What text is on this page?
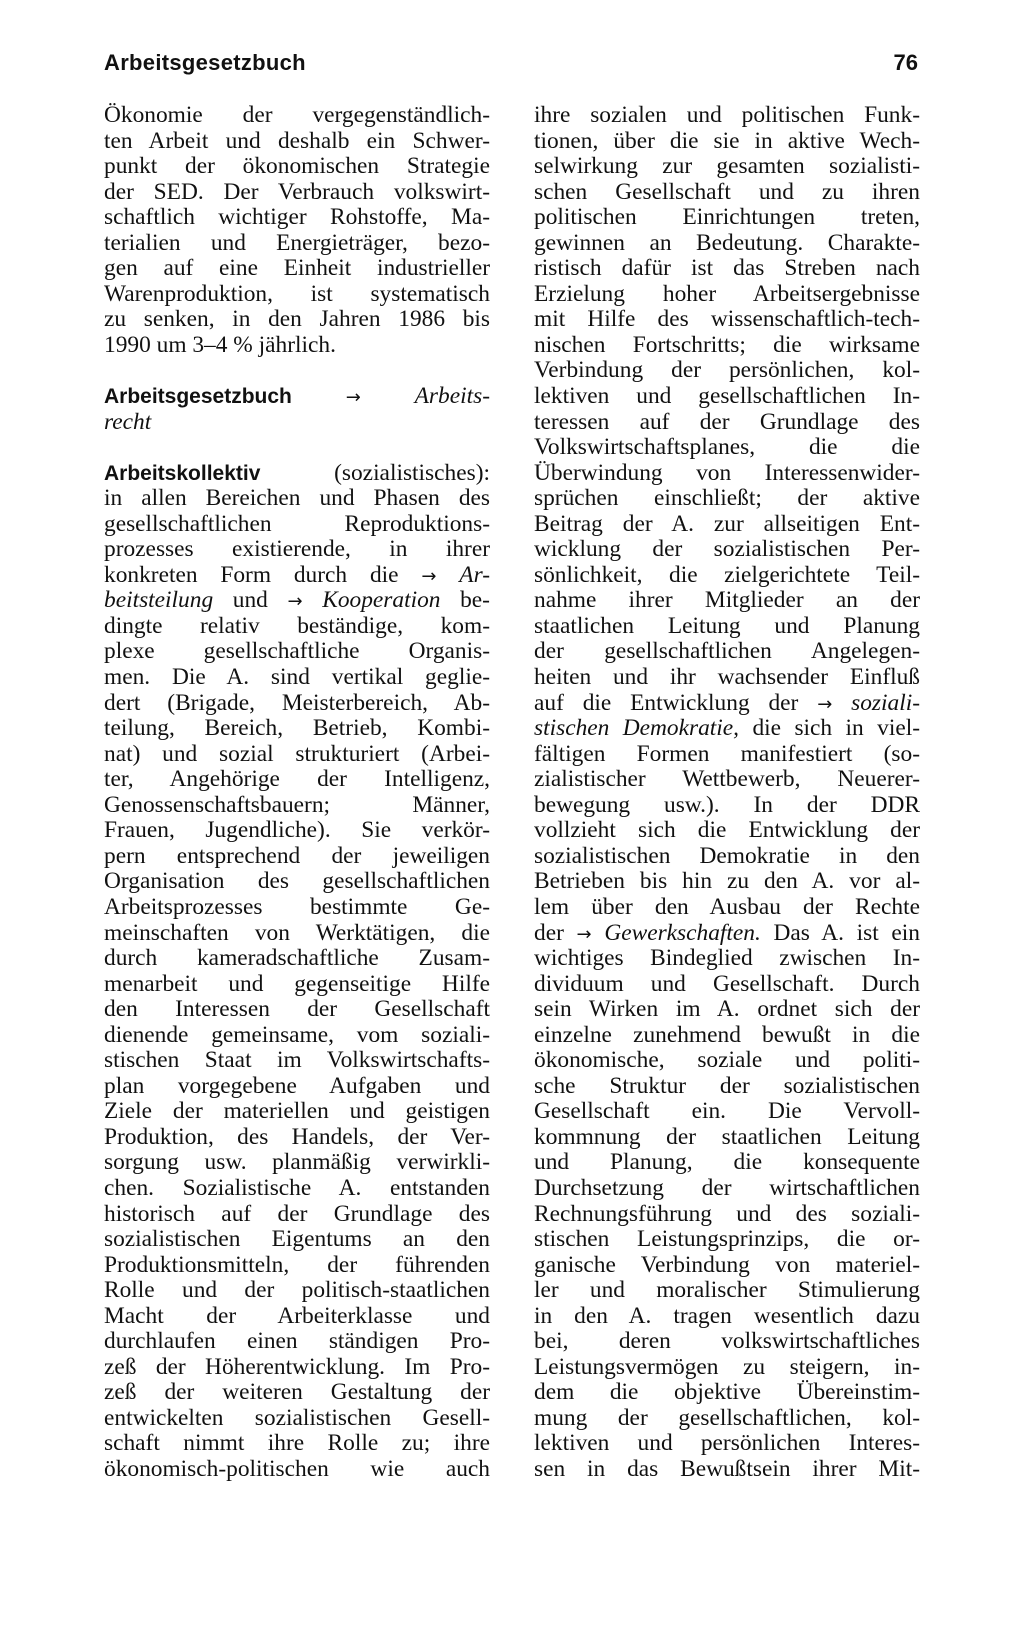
Arbeitsgesetzbuch	76
Ökonomie der vergegenständlich-
ten Arbeit und deshalb ein Schwer-
punkt der ökonomischen Strategie
der SED. Der Verbrauch volkswirt-
schaftlich wichtiger Rohstoffe, Ma-
terialien und Energieträger, bezo-
gen auf eine Einheit industrieller
Warenproduktion, ist systematisch
zu senken, in den Jahren 1986 bis
1990 um 3–4 % jährlich.
Arbeitsgesetzbuch	→ Arbeits-
recht
Arbeitskollektiv	(sozialistisches):
in allen Bereichen und Phasen des
gesellschaftlichen Reproduktions-
prozesses existierende, in ihrer
konkreten Form durch die → Ar-
beitsteilung und → Kooperation be-
dingte relativ beständige, kom-
plexe gesellschaftliche Organis-
men. Die A. sind vertikal geglie-
dert (Brigade, Meisterbereich, Ab-
teilung, Bereich, Betrieb, Kombi-
nat) und sozial strukturiert (Arbei-
ter, Angehörige der Intelligenz,
Genossenschaftsbauern; Männer,
Frauen, Jugendliche). Sie verkör-
pern entsprechend der jeweiligen
Organisation des gesellschaftlichen
Arbeitsprozesses bestimmte Ge-
meinschaften von Werktätigen, die
durch kameradschaftliche Zusam-
menarbeit und gegenseitige Hilfe
den Interessen der Gesellschaft
dienende gemeinsame, vom soziali-
stischen Staat im Volkswirtschafts-
plan vorgegebene Aufgaben und
Ziele der materiellen und geistigen
Produktion, des Handels, der Ver-
sorgung usw. planmäßig verwirkli-
chen. Sozialistische A. entstanden
historisch auf der Grundlage des
sozialistischen Eigentums an den
Produktionsmitteln, der führenden
Rolle und der politisch-staatlichen
Macht der Arbeiterklasse und
durchlaufen einen ständigen Pro-
zeß der Höherentwicklung. Im Pro-
zeß der weiteren Gestaltung der
entwickelten sozialistischen Gesell-
schaft nimmt ihre Rolle zu; ihre
ökonomisch-politischen wie auch
ihre sozialen und politischen Funk-
tionen, über die sie in aktive Wech-
selwirkung zur gesamten sozialisti-
schen Gesellschaft und zu ihren
politischen Einrichtungen treten,
gewinnen an Bedeutung. Charakte-
ristisch dafür ist das Streben nach
Erzielung hoher Arbeitsergebnisse
mit Hilfe des wissenschaftlich-tech-
nischen Fortschritts; die wirksame
Verbindung der persönlichen, kol-
lektiven und gesellschaftlichen In-
teressen auf der Grundlage des
Volkswirtschaftsplanes, die die
Überwindung von Interessenwider-
sprüchen einschließt; der aktive
Beitrag der A. zur allseitigen Ent-
wicklung der sozialistischen Per-
sönlichkeit, die zielgerichtete Teil-
nahme ihrer Mitglieder an der
staatlichen Leitung und Planung
der gesellschaftlichen Angelegen-
heiten und ihr wachsender Einfluß
auf die Entwicklung der → soziali-
stischen Demokratie, die sich in viel-
fältigen Formen manifestiert (so-
zialistischer Wettbewerb, Neuerer-
bewegung usw.). In der DDR
vollzieht sich die Entwicklung der
sozialistischen Demokratie in den
Betrieben bis hin zu den A. vor al-
lem über den Ausbau der Rechte
der → Gewerkschaften. Das A. ist ein
wichtiges Bindeglied zwischen In-
dividuum und Gesellschaft. Durch
sein Wirken im A. ordnet sich der
einzelne zunehmend bewußt in die
ökonomische, soziale und politi-
sche Struktur der sozialistischen
Gesellschaft ein. Die Vervoll-
kommnung der staatlichen Leitung
und Planung, die konsequente
Durchsetzung der wirtschaftlichen
Rechnungsführung und des soziali-
stischen Leistungsprinzips, die or-
ganische Verbindung von materiel-
ler und moralischer Stimulierung
in den A. tragen wesentlich dazu
bei, deren volkswirtschaftliches
Leistungsvermögen zu steigern, in-
dem die objektive Übereinstim-
mung der gesellschaftlichen, kol-
lektiven und persönlichen Interes-
sen in das Bewußtsein ihrer Mit-
